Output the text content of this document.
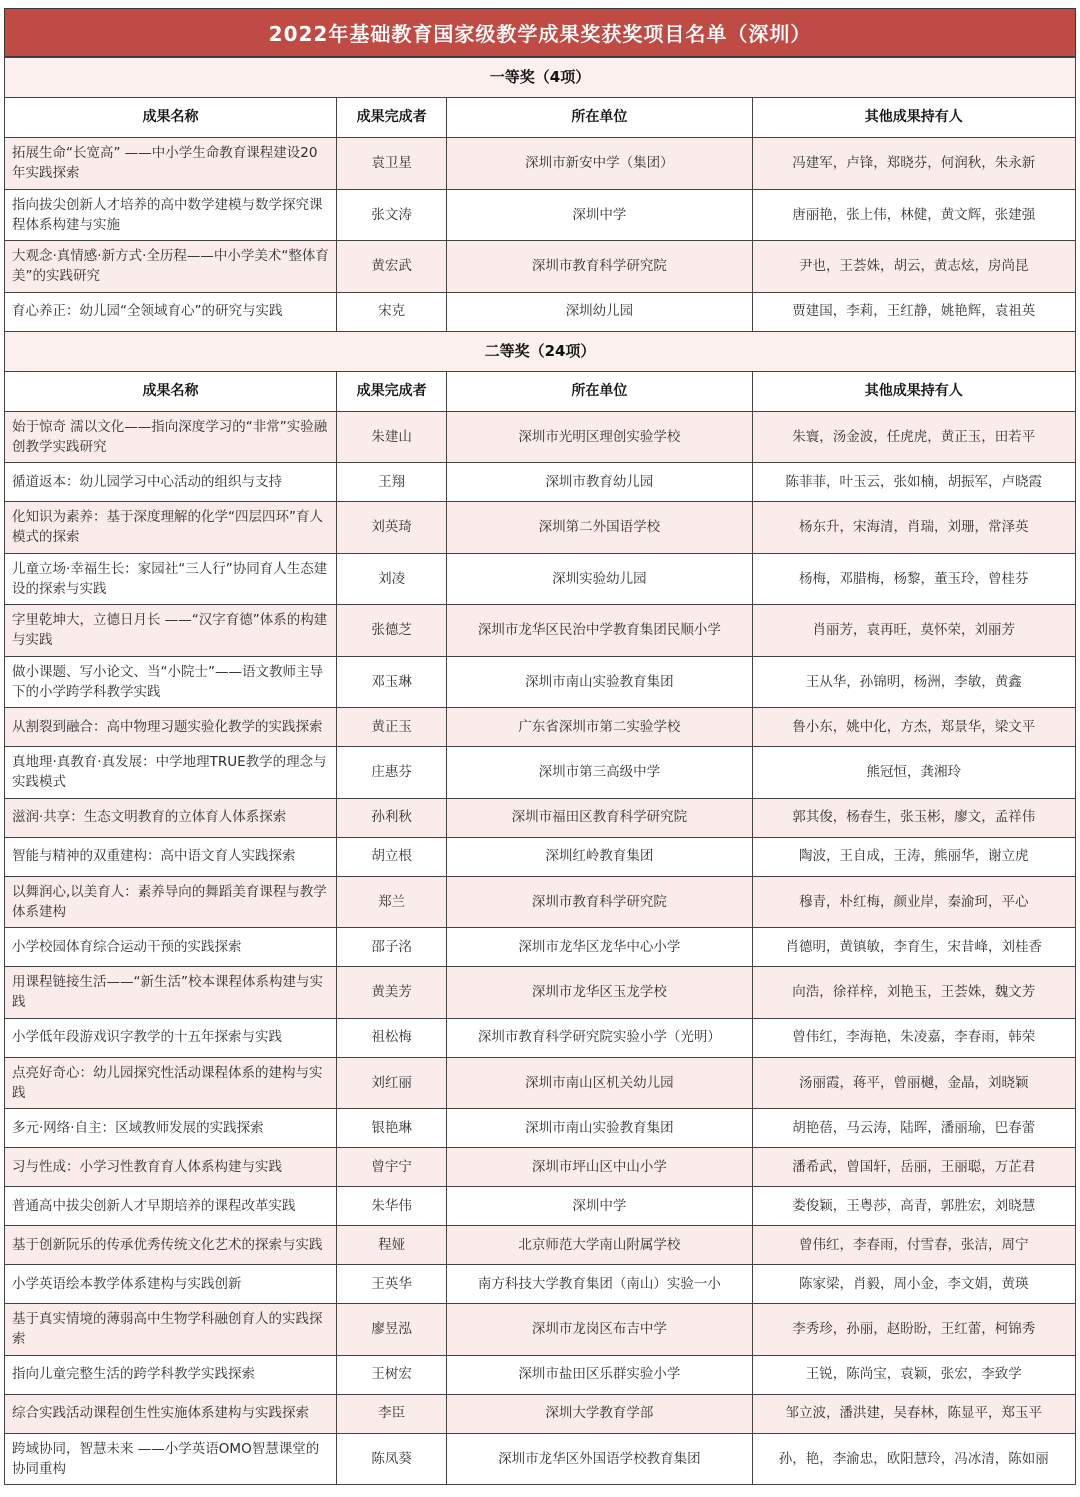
2022年基础教育国家级教学成果奖获奖项目名单（深圳）
一等奖（4项）			
成果名称	成果完成者	所在单位	其他成果持有人
拓展生命“长宽高” ——中小学生命教育课程建设20年实践探索	袁卫星	深圳市新安中学（集团）	冯建军，卢锋，郑晓芬，何润秋，朱永新
指向拔尖创新人才培养的高中数学建模与数学探究课程体系构建与实施	张文涛	深圳中学	唐丽艳，张上伟，林健，黄文辉，张建强
大观念·真情感·新方式·全历程——中小学美术“整体育美”的实践研究	黄宏武	深圳市教育科学研究院	尹也，王荟姝，胡云，黄志炫，房尚昆
育心养正：幼儿园“全领域育心”的研究与实践	宋克	深圳幼儿园	贾建国，李莉，王红静，姚艳辉，袁祖英
二等奖（24项）			
成果名称	成果完成者	所在单位	其他成果持有人
始于惊奇 濡以文化——指向深度学习的“非常”实验融创教学实践研究	朱建山	深圳市光明区理创实验学校	朱寰，汤金波，任虎虎，黄正玉，田若平
循道返本：幼儿园学习中心活动的组织与支持	王翔	深圳市教育幼儿园	陈菲菲，叶玉云，张如楠，胡振军，卢晓霞
化知识为素养：基于深度理解的化学“四层四环”育人模式的探索	刘英琦	深圳第二外国语学校	杨东升，宋海清，肖瑞，刘珊，常泽英
儿童立场·幸福生长：家园社“三人行”协同育人生态建设的探索与实践	刘凌	深圳实验幼儿园	杨梅，邓腊梅，杨黎，董玉玲，曾桂芬
字里乾坤大，立德日月长 ——“汉字育德”体系的构建与实践	张德芝	深圳市龙华区民治中学教育集团民顺小学	肖丽芳，袁再旺，莫怀荣，刘丽芳
做小课题、写小论文、当“小院士”——语文教师主导下的小学跨学科教学实践	邓玉琳	深圳市南山实验教育集团	王从华，孙锦明，杨洲，李敏，黄鑫
从割裂到融合：高中物理习题实验化教学的实践探索	黄正玉	广东省深圳市第二实验学校	鲁小东，姚中化，方杰，郑景华，梁文平
真地理·真教育·真发展：中学地理TRUE教学的理念与实践模式	庄惠芬	深圳市第三高级中学	熊冠恒，龚湘玲
滋润·共享：生态文明教育的立体育人体系探索	孙利秋	深圳市福田区教育科学研究院	郭其俊，杨春生，张玉彬，廖文，孟祥伟
智能与精神的双重建构：高中语文育人实践探索	胡立根	深圳红岭教育集团	陶波，王自成，王涛，熊丽华，谢立虎
以舞润心,以美育人：素养导向的舞蹈美育课程与教学体系建构	郑兰	深圳市教育科学研究院	穆青，朴红梅，颜业岸，秦渝珂，平心
小学校园体育综合运动干预的实践探索	邵子洺	深圳市龙华区龙华中心小学	肖德明，黄镇敏，李育生，宋昔峰，刘桂香
用课程链接生活——“新生活”校本课程体系构建与实践	黄美芳	深圳市龙华区玉龙学校	向浩，徐祥梓，刘艳玉，王荟姝，魏文芳
小学低年段游戏识字教学的十五年探索与实践	祖松梅	深圳市教育科学研究院实验小学（光明）	曾伟红，李海艳，朱凌嘉，李春雨，韩荣
点亮好奇心：幼儿园探究性活动课程体系的建构与实践	刘红丽	深圳市南山区机关幼儿园	汤丽霞，蒋平，曾丽樾，金晶，刘晓颖
多元·网络·自主：区域教师发展的实践探索	银艳琳	深圳市南山实验教育集团	胡艳蓓，马云涛，陆晖，潘丽瑜，巴春蕾
习与性成：小学习性教育育人体系构建与实践	曾宇宁	深圳市坪山区中山小学	潘希武，曾国轩，岳丽，王丽聪，万芷君
普通高中拔尖创新人才早期培养的课程改革实践	朱华伟	深圳中学	娄俊颖，王粤莎，高青，郭胜宏，刘晓慧
基于创新阮乐的传承优秀传统文化艺术的探索与实践	程娅	北京师范大学南山附属学校	曾伟红，李春雨，付雪春，张洁，周宁
小学英语绘本教学体系建构与实践创新	王英华	南方科技大学教育集团（南山）实验一小	陈家梁，肖毅，周小金，李文娟，黄瑛
基于真实情境的薄弱高中生物学科融创育人的实践探索	廖昱泓	深圳市龙岗区布吉中学	李秀珍，孙丽，赵盼盼，王红蕾，柯锦秀
指向儿童完整生活的跨学科教学实践探索	王树宏	深圳市盐田区乐群实验小学	王锐，陈尚宝，袁颖，张宏，李致学
综合实践活动课程创生性实施体系建构与实践探索	李臣	深圳大学教育学部	邹立波，潘洪建，吴春林，陈显平，郑玉平
跨域协同，智慧未来 ——小学英语OMO智慧课堂的协同重构	陈凤葵	深圳市龙华区外国语学校教育集团	孙，艳，李渝忠，欧阳慧玲，冯冰清，陈如丽
